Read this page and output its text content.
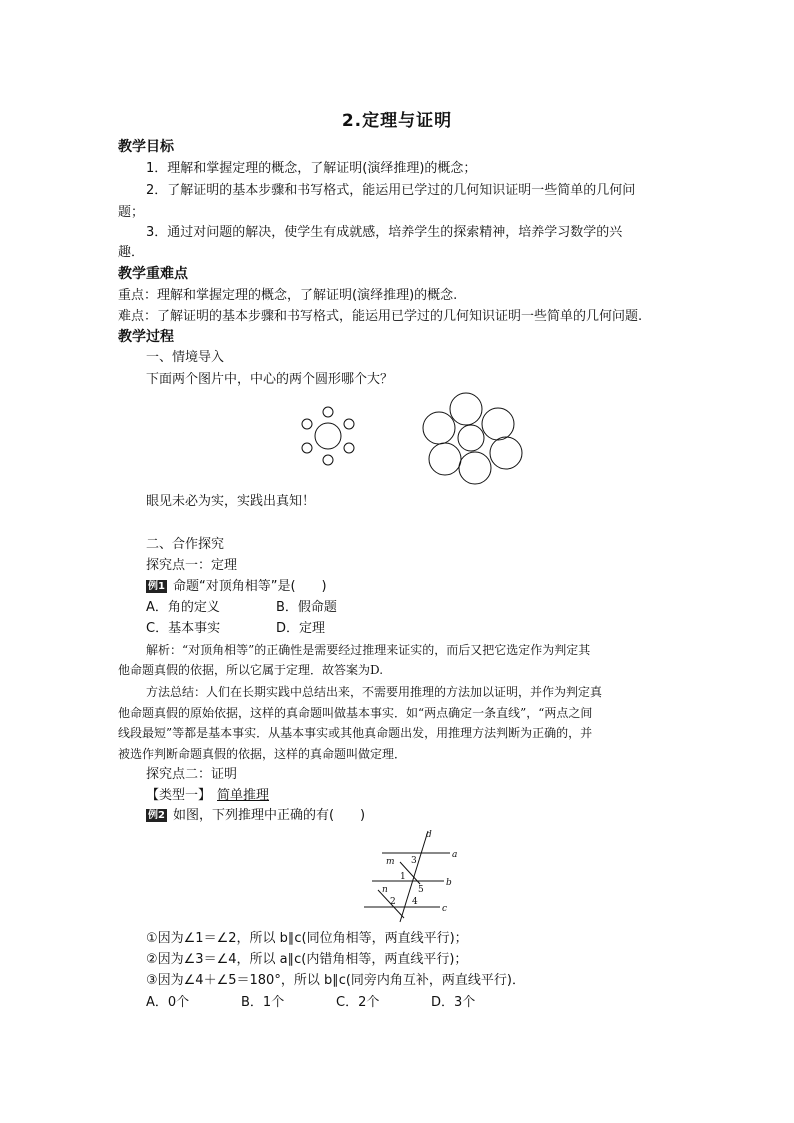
2.定理与证明
教学目标
1．理解和掌握定理的概念，了解证明(演绎推理)的概念；
2．了解证明的基本步骤和书写格式，能运用已学过的几何知识证明一些简单的几何问
题；
3．通过对问题的解决，使学生有成就感，培养学生的探索精神，培养学习数学的兴
趣．
教学重难点
重点：理解和掌握定理的概念，了解证明(演绎推理)的概念.
难点：了解证明的基本步骤和书写格式，能运用已学过的几何知识证明一些简单的几何问题.
教学过程
一、情境导入
下面两个图片中，中心的两个圆形哪个大？
眼见未必为实，实践出真知！
二、合作探究
探究点一：定理
例1 命题“对顶角相等”是(　　)
A．角的定义	B．假命题
C．基本事实	D．定理
解析：“对顶角相等”的正确性是需要经过推理来证实的，而后又把它选定作为判定其
他命题真假的依据，所以它属于定理．故答案为D.
方法总结：人们在长期实践中总结出来，不需要用推理的方法加以证明，并作为判定真
他命题真假的原始依据，这样的真命题叫做基本事实．如“两点确定一条直线”，“两点之间
线段最短”等都是基本事实．从基本事实或其他真命题出发，用推理方法判断为正确的，并
被选作判断命题真假的依据，这样的真命题叫做定理．
探究点二：证明
【类型一】 简单推理
例2 如图，下列推理中正确的有(　　)
d
a
b
c
m
n
3
1
5
2 4
①因为∠1＝∠2，所以 b∥c(同位角相等，两直线平行)；
②因为∠3＝∠4，所以 a∥c(内错角相等，两直线平行)；
③因为∠4＋∠5＝180°，所以 b∥c(同旁内角互补，两直线平行)．
A．0个	B．1个	C．2个	D．3个
